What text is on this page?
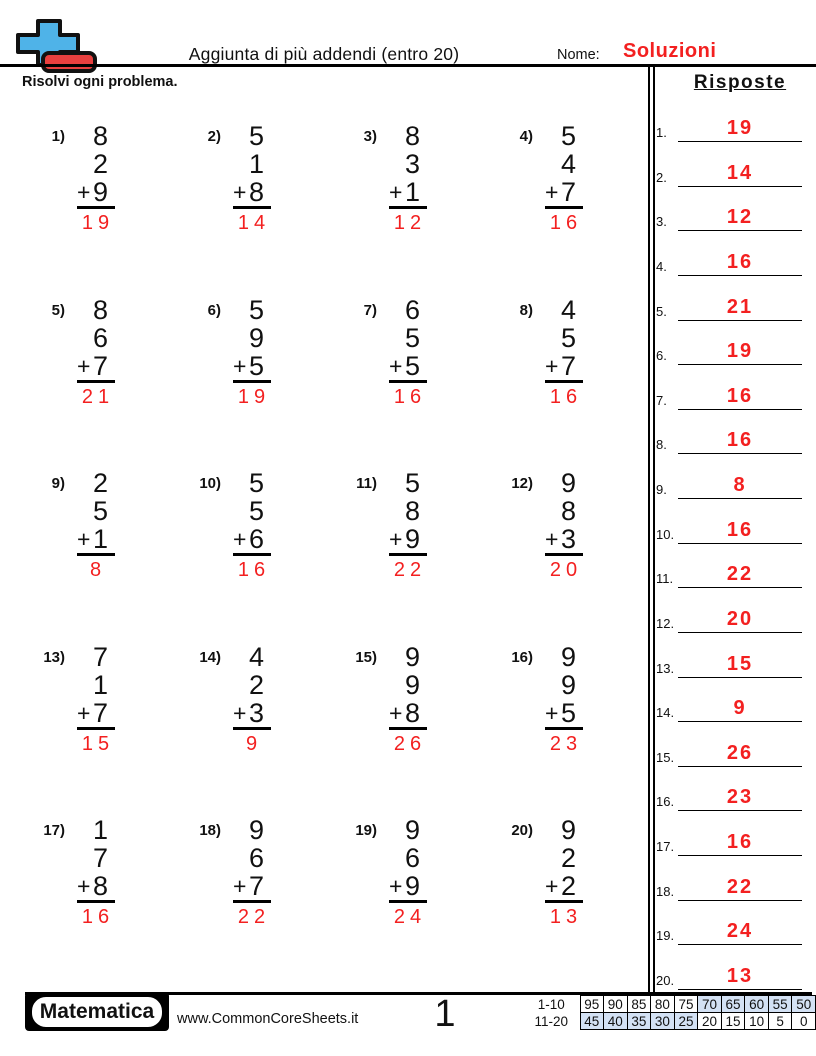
Aggiunta di più addendi (entro 20)	Nome: Soluzioni
Risolvi ogni problema.
1)	8
2
+ 9
19
2)	5
1
+ 8
14
3)	8
3
+ 1
12
4)	5
4
+ 7
16
5)	8
6
+ 7
21
6)	5
9
+ 5
19
7)	6
5
+ 5
16
8)	4
5
+ 7
16
9)	2
5
+ 1
8
10)	5
5
+ 6
16
11)	5
8
+ 9
22
12)	9
8
+ 3
20
13)	7
1
+ 7
15
14)	4
2
+ 3
9
15)	9
9
+ 8
26
16)	9
9
+ 5
23
17)	1
7
+ 8
16
18)	9
6
+ 7
22
19)	9
6
+ 9
24
20)	9
2
+ 2
13
Risposte
1.	19
2.	14
3.	12
4.	16
5.	21
6.	19
7.	16
8.	16
9.	8
10.	16
11.	22
12.	20
13.	15
14.	9
15.	26
16.	23
17.	16
18.	22
19.	24
20.	13
Matematica	www.CommonCoreSheets.it	1	1-10	95	90	85	80	75	70	65	60	55	50
11-20	45	40	35	30	25	20	15	10	5	0
